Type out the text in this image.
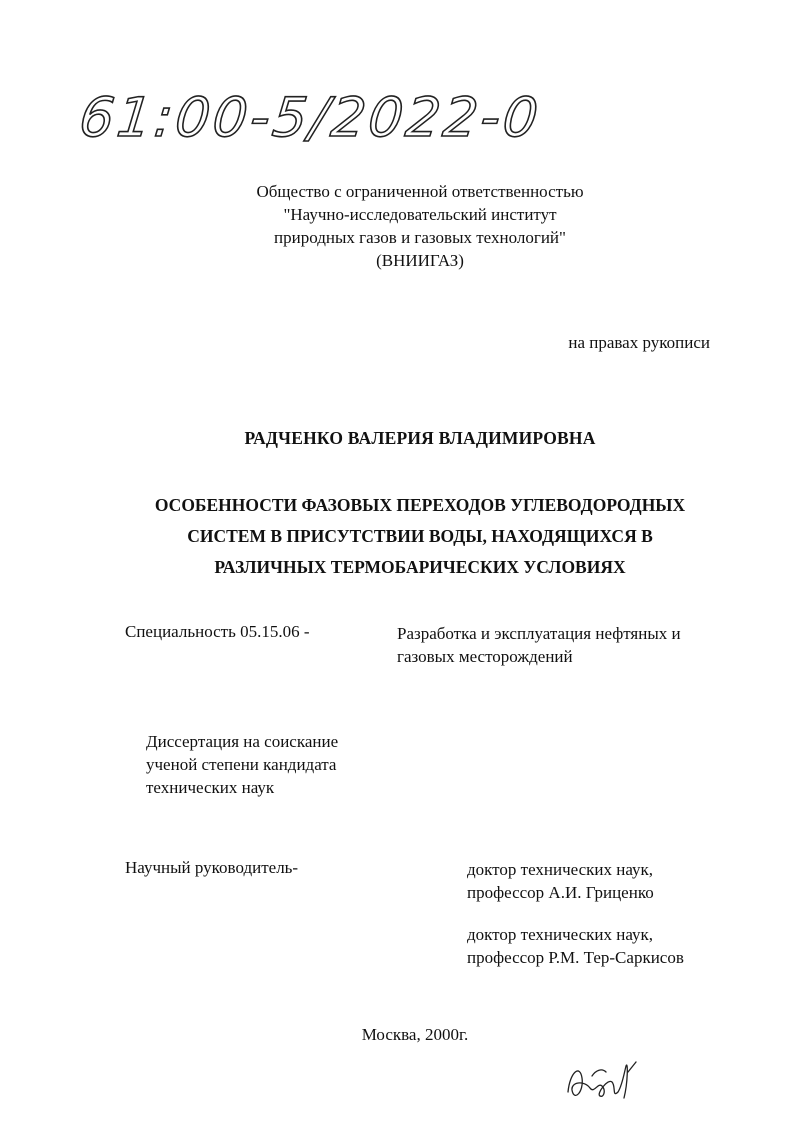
61:00-5/2022-0
Общество с ограниченной ответственностью
"Научно-исследовательский институт
природных газов и газовых технологий"
(ВНИИГАЗ)
на правах рукописи
РАДЧЕНКО ВАЛЕРИЯ ВЛАДИМИРОВНА
ОСОБЕННОСТИ ФАЗОВЫХ ПЕРЕХОДОВ УГЛЕВОДОРОДНЫХ
СИСТЕМ В ПРИСУТСТВИИ ВОДЫ, НАХОДЯЩИХСЯ В
РАЗЛИЧНЫХ ТЕРМОБАРИЧЕСКИХ УСЛОВИЯХ
Специальность 05.15.06 -	Разработка и эксплуатация нефтяных и
газовых месторождений
Диссертация на соискание
ученой степени кандидата
технических наук
Научный руководитель-	доктор технических наук,
профессор А.И. Гриценко
доктор технических наук,
профессор Р.М. Тер-Саркисов
Москва, 2000г.
